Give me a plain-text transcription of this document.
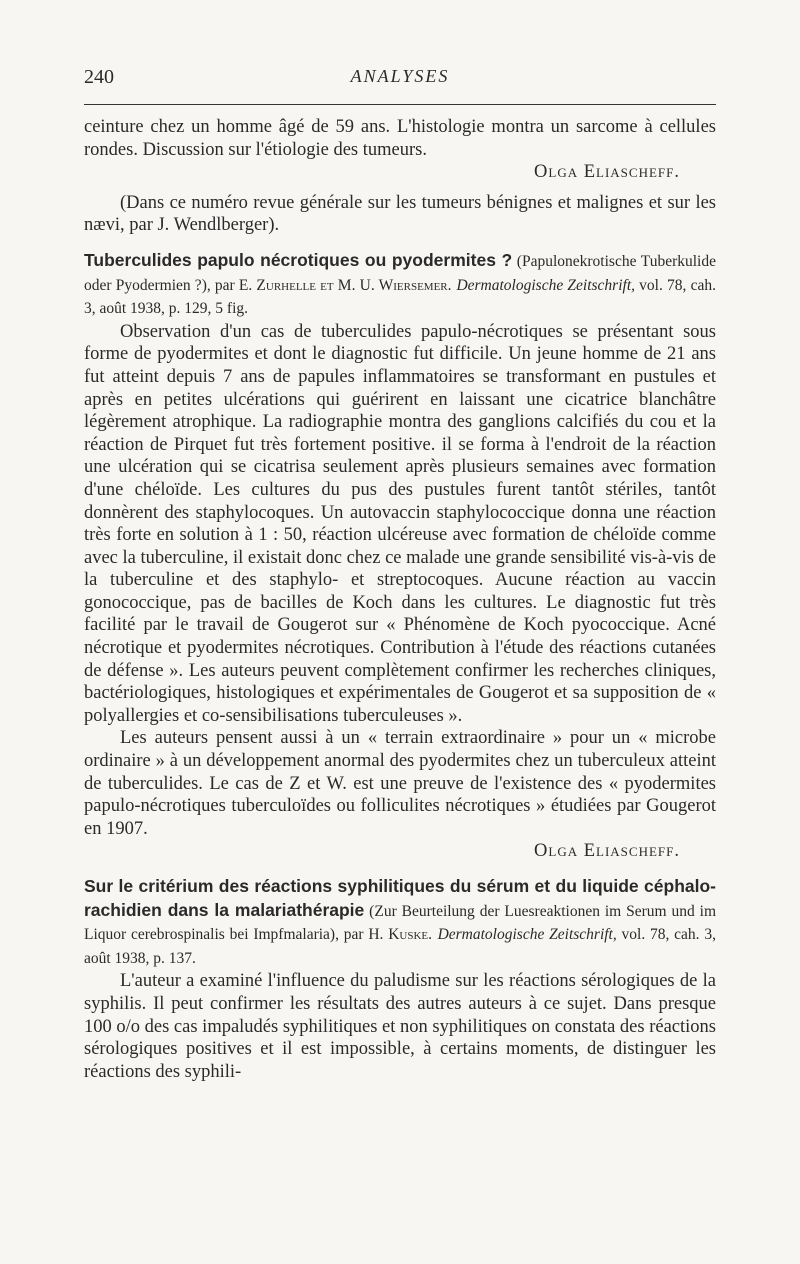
240	ANALYSES

ceinture chez un homme âgé de 59 ans. L'histologie montra un sarcome à cellules rondes. Discussion sur l'étiologie des tumeurs.

Olga Eliascheff.

(Dans ce numéro revue générale sur les tumeurs bénignes et malignes et sur les nævi, par J. Wendlberger).

Tuberculides papulo nécrotiques ou pyodermites ? (Papulonekrotische Tuberkulide oder Pyodermien ?), par E. Zurhelle et M. U. Wiersemer. Dermatologische Zeitschrift, vol. 78, cah. 3, août 1938, p. 129, 5 fig.

Observation d'un cas de tuberculides papulo-nécrotiques se présentant sous forme de pyodermites et dont le diagnostic fut difficile. Un jeune homme de 21 ans fut atteint depuis 7 ans de papules inflammatoires se transformant en pustules et après en petites ulcérations qui guérirent en laissant une cicatrice blanchâtre légèrement atrophique. La radiographie montra des ganglions calcifiés du cou et la réaction de Pirquet fut très fortement positive. il se forma à l'endroit de la réaction une ulcération qui se cicatrisa seulement après plusieurs semaines avec formation d'une chéloïde. Les cultures du pus des pustules furent tantôt stériles, tantôt donnèrent des staphylocoques. Un autovaccin staphylococcique donna une réaction très forte en solution à 1 : 50, réaction ulcéreuse avec formation de chéloïde comme avec la tuberculine, il existait donc chez ce malade une grande sensibilité vis-à-vis de la tuberculine et des staphylo- et streptocoques. Aucune réaction au vaccin gonococcique, pas de bacilles de Koch dans les cultures. Le diagnostic fut très facilité par le travail de Gougerot sur « Phénomène de Koch pyococcique. Acné nécrotique et pyodermites nécrotiques. Contribution à l'étude des réactions cutanées de défense ». Les auteurs peuvent complètement confirmer les recherches cliniques, bactériologiques, histologiques et expérimentales de Gougerot et sa supposition de « polyallergies et co-sensibilisations tuberculeuses ».

Les auteurs pensent aussi à un « terrain extraordinaire » pour un « microbe ordinaire » à un développement anormal des pyodermites chez un tuberculeux atteint de tuberculides. Le cas de Z et W. est une preuve de l'existence des « pyodermites papulo-nécrotiques tuberculoïdes ou folliculites nécrotiques » étudiées par Gougerot en 1907.

Olga Eliascheff.

Sur le critérium des réactions syphilitiques du sérum et du liquide céphalo-rachidien dans la malariathérapie (Zur Beurteilung der Luesreaktionen im Serum und im Liquor cerebrospinalis bei Impfmalaria), par H. Kuske. Dermatologische Zeitschrift, vol. 78, cah. 3, août 1938, p. 137.

L'auteur a examiné l'influence du paludisme sur les réactions sérologiques de la syphilis. Il peut confirmer les résultats des autres auteurs à ce sujet. Dans presque 100 o/o des cas impaludés syphilitiques et non syphilitiques on constata des réactions sérologiques positives et il est impossible, à certains moments, de distinguer les réactions des syphili-
